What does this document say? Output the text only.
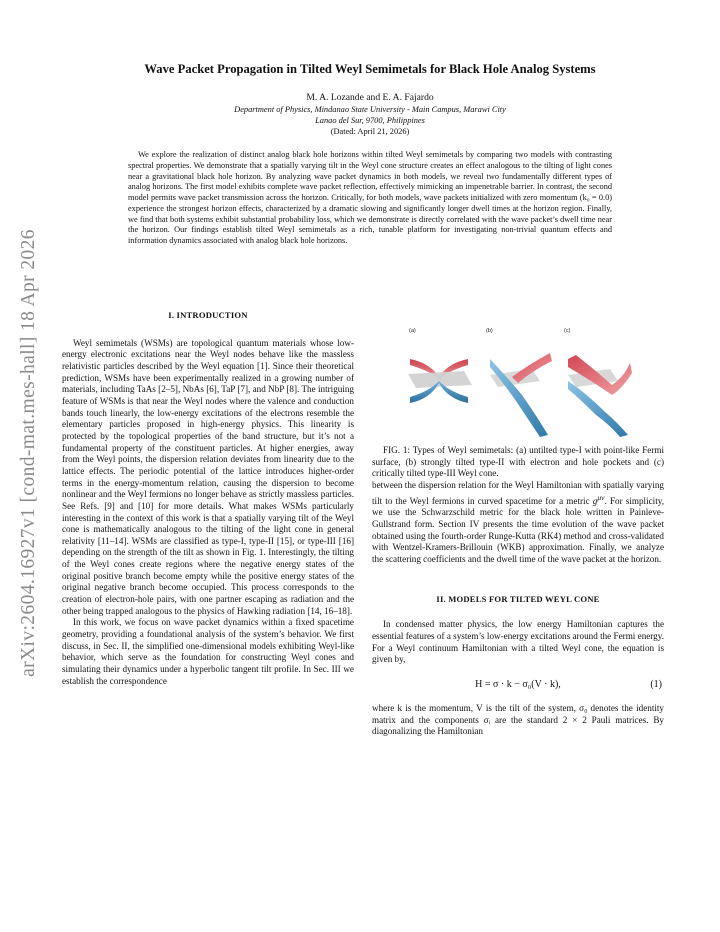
arXiv:2604.16927v1 [cond-mat.mes-hall] 18 Apr 2026
Wave Packet Propagation in Tilted Weyl Semimetals for Black Hole Analog Systems
M. A. Lozande and E. A. Fajardo
Department of Physics, Mindanao State University - Main Campus, Marawi City
Lanao del Sur, 9700, Philippines
(Dated: April 21, 2026)

We explore the realization of distinct analog black hole horizons within tilted Weyl semimetals by comparing two models with contrasting spectral properties. We demonstrate that a spatially varying tilt in the Weyl cone structure creates an effect analogous to the tilting of light cones near a gravitational black hole horizon. By analyzing wave packet dynamics in both models, we reveal two fundamentally different types of analog horizons. The first model exhibits complete wave packet reflection, effectively mimicking an impenetrable barrier. In contrast, the second model permits wave packet transmission across the horizon. Critically, for both models, wave packets initialized with zero momentum (k₀ = 0.0) experience the strongest horizon effects, characterized by a dramatic slowing and significantly longer dwell times at the horizon region. Finally, we find that both systems exhibit substantial probability loss, which we demonstrate is directly correlated with the wave packet’s dwell time near the horizon. Our findings establish tilted Weyl semimetals as a rich, tunable platform for investigating non-trivial quantum effects and information dynamics associated with analog black hole horizons.

I. INTRODUCTION

Weyl semimetals (WSMs) are topological quantum materials whose low-energy electronic excitations near the Weyl nodes behave like the massless relativistic particles described by the Weyl equation [1]. Since their theoretical prediction, WSMs have been experimentally realized in a growing number of materials, including TaAs [2–5], NbAs [6], TaP [7], and NbP [8]. The intriguing feature of WSMs is that near the Weyl nodes where the valence and conduction bands touch linearly, the low-energy excitations of the electrons resemble the elementary particles proposed in high-energy physics. This linearity is protected by the topological properties of the band structure, but it’s not a fundamental property of the constituent particles. At higher energies, away from the Weyl points, the dispersion relation deviates from linearity due to the lattice effects. The periodic potential of the lattice introduces higher-order terms in the energy-momentum relation, causing the dispersion to become nonlinear and the Weyl fermions no longer behave as strictly massless particles. See Refs. [9] and [10] for more details. What makes WSMs particularly interesting in the context of this work is that a spatially varying tilt of the Weyl cone is mathematically analogous to the tilting of the light cone in general relativity [11–14]. WSMs are classified as type-I, type-II [15], or type-III [16] depending on the strength of the tilt as shown in Fig. 1. Interestingly, the tilting of the Weyl cones create regions where the negative energy states of the original positive branch become empty while the positive energy states of the original negative branch become occupied. This process corresponds to the creation of electron-hole pairs, with one partner escaping as radiation and the other being trapped analogous to the physics of Hawking radiation [14, 16–18].

In this work, we focus on wave packet dynamics within a fixed spacetime geometry, providing a foundational analysis of the system’s behavior. We first discuss, in Sec. II, the simplified one-dimensional models exhibiting Weyl-like behavior, which serve as the foundation for constructing Weyl cones and simulating their dynamics under a hyperbolic tangent tilt profile. In Sec. III we establish the correspondence

(a)	(b)	(c)

FIG. 1: Types of Weyl semimetals: (a) untilted type-I with point-like Fermi surface, (b) strongly tilted type-II with electron and hole pockets and (c) critically tilted type-III Weyl cone.

between the dispersion relation for the Weyl Hamiltonian with spatially varying tilt to the Weyl fermions in curved spacetime for a metric $g^{\mu\nu}$. For simplicity, we use the Schwarzschild metric for the black hole written in Painleve-Gullstrand form. Section IV presents the time evolution of the wave packet obtained using the fourth-order Runge-Kutta (RK4) method and cross-validated with Wentzel-Kramers-Brillouin (WKB) approximation. Finally, we analyze the scattering coefficients and the dwell time of the wave packet at the horizon.

II. MODELS FOR TILTED WEYL CONE

In condensed matter physics, the low energy Hamiltonian captures the essential features of a system’s low-energy excitations around the Fermi energy. For a Weyl continuum Hamiltonian with a tilted Weyl cone, the equation is given by,

H = σ · k − σ₀(V · k),	(1)

where k is the momentum, V is the tilt of the system, σ₀ denotes the identity matrix and the components σᵢ are the standard 2 × 2 Pauli matrices. By diagonalizing the Hamiltonian
